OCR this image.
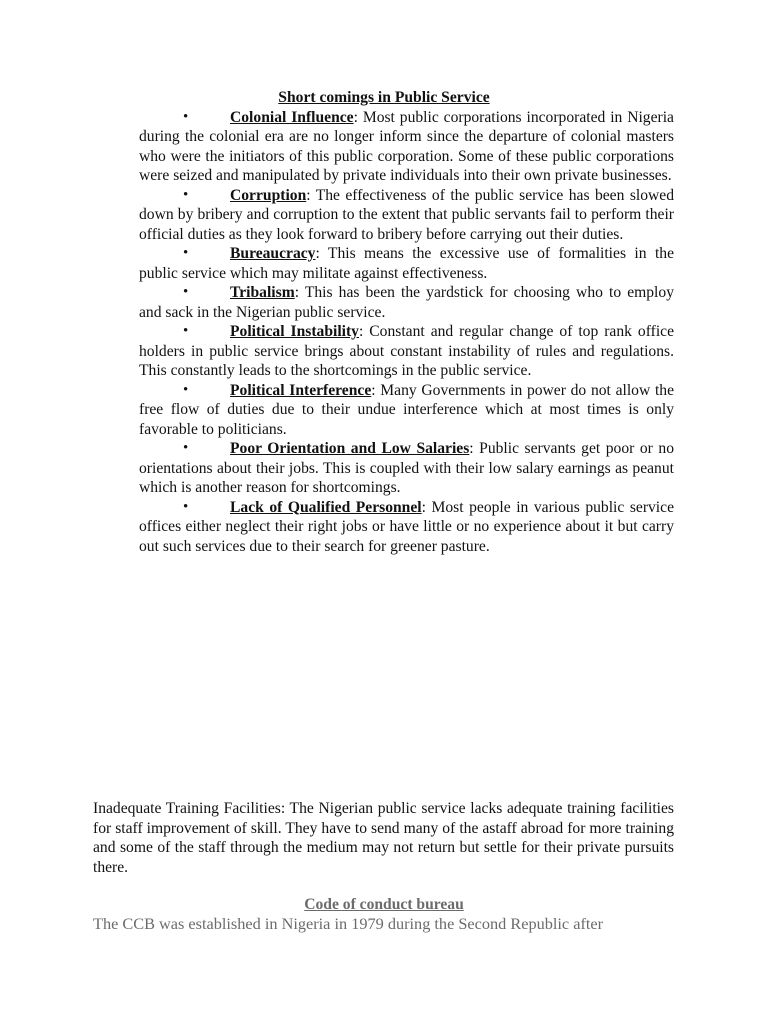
Short comings in Public Service
•	Colonial Influence: Most public corporations incorporated in Nigeria during the colonial era are no longer inform since the departure of colonial masters who were the initiators of this public corporation. Some of these public corporations were seized and manipulated by private individuals into their own private businesses.
•	Corruption: The effectiveness of the public service has been slowed down by bribery and corruption to the extent that public servants fail to perform their official duties as they look forward to bribery before carrying out their duties.
•	Bureaucracy: This means the excessive use of formalities in the public service which may militate against effectiveness.
•	Tribalism: This has been the yardstick for choosing who to employ and sack in the Nigerian public service.
•	Political Instability: Constant and regular change of top rank office holders in public service brings about constant instability of rules and regulations. This constantly leads to the shortcomings in the public service.
•	Political Interference: Many Governments in power do not allow the free flow of duties due to their undue interference which at most times is only favorable to politicians.
•	Poor Orientation and Low Salaries: Public servants get poor or no orientations about their jobs. This is coupled with their low salary earnings as peanut which is another reason for shortcomings.
•	Lack of Qualified Personnel: Most people in various public service offices either neglect their right jobs or have little or no experience about it but carry out such services due to their search for greener pasture.

Inadequate Training Facilities: The Nigerian public service lacks adequate training facilities for staff improvement of skill. They have to send many of the astaff abroad for more training and some of the staff through the medium may not return but settle for their private pursuits there.

Code of conduct bureau

The CCB was established in Nigeria in 1979 during the Second Republic after
